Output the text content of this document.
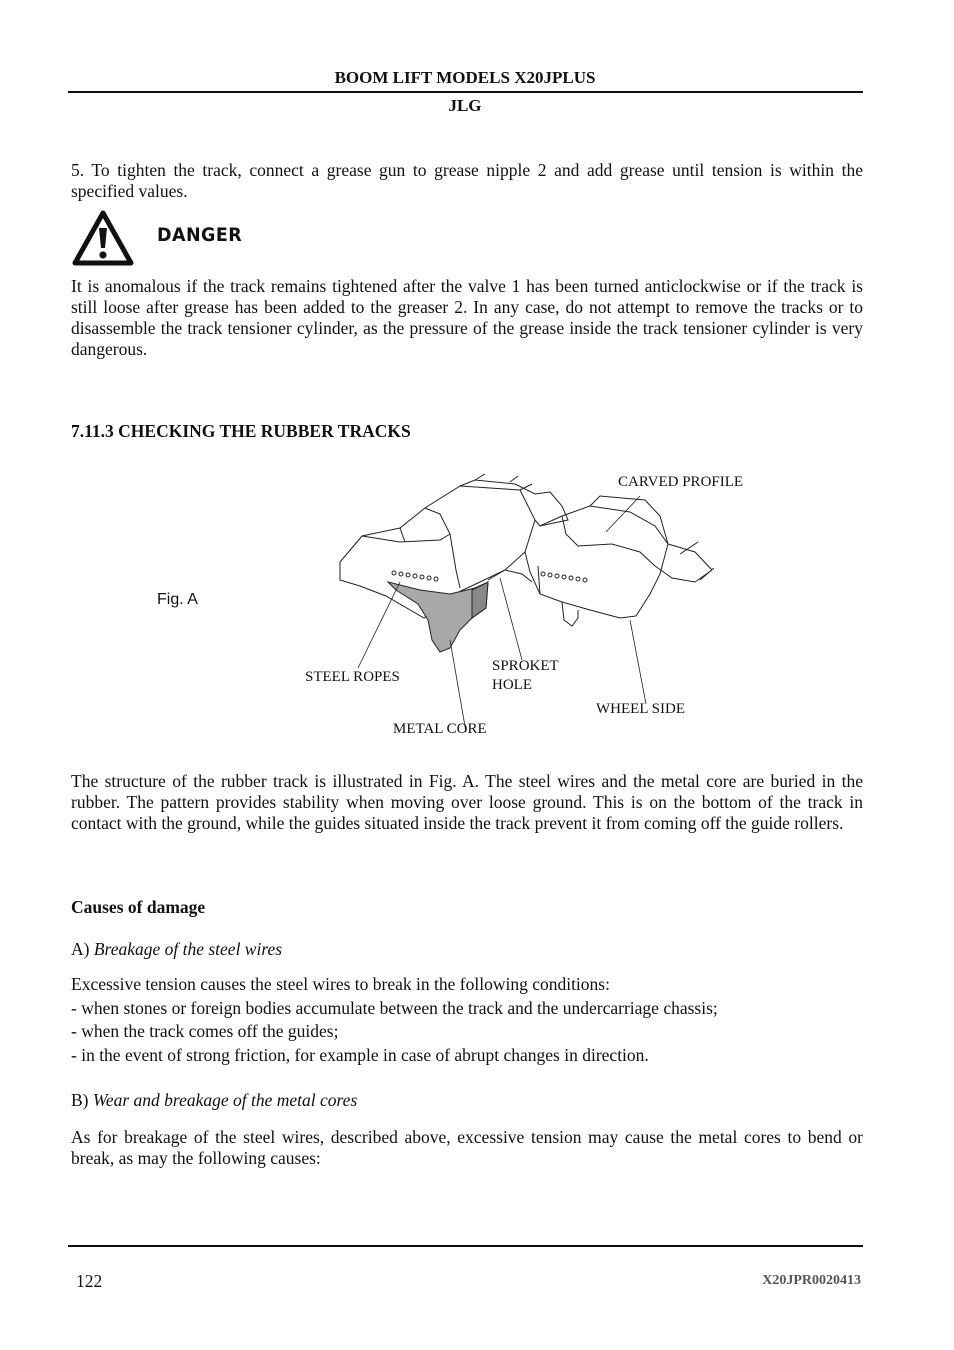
BOOM LIFT MODELS X20JPLUS
JLG
5. To tighten the track, connect a grease gun to grease nipple 2 and add grease until tension is within the specified values.
DANGER
It is anomalous if the track remains tightened after the valve 1 has been turned anticlockwise or if the track is still loose after grease has been added to the greaser 2. In any case, do not attempt to remove the tracks or to disassemble the track tensioner cylinder, as the pressure of the grease inside the track tensioner cylinder is very dangerous.
7.11.3 CHECKING THE RUBBER TRACKS
Fig. A
CARVED PROFILE
STEEL ROPES
SPROKET
HOLE
WHEEL SIDE
METAL CORE
The structure of the rubber track is illustrated in Fig. A. The steel wires and the metal core are buried in the rubber. The pattern provides stability when moving over loose ground. This is on the bottom of the track in contact with the ground, while the guides situated inside the track prevent it from coming off the guide rollers.
Causes of damage
A) Breakage of the steel wires
Excessive tension causes the steel wires to break in the following conditions:
- when stones or foreign bodies accumulate between the track and the undercarriage chassis;
- when the track comes off the guides;
- in the event of strong friction, for example in case of abrupt changes in direction.
B) Wear and breakage of the metal cores
As for breakage of the steel wires, described above, excessive tension may cause the metal cores to bend or break, as may the following causes:
122	X20JPR0020413
